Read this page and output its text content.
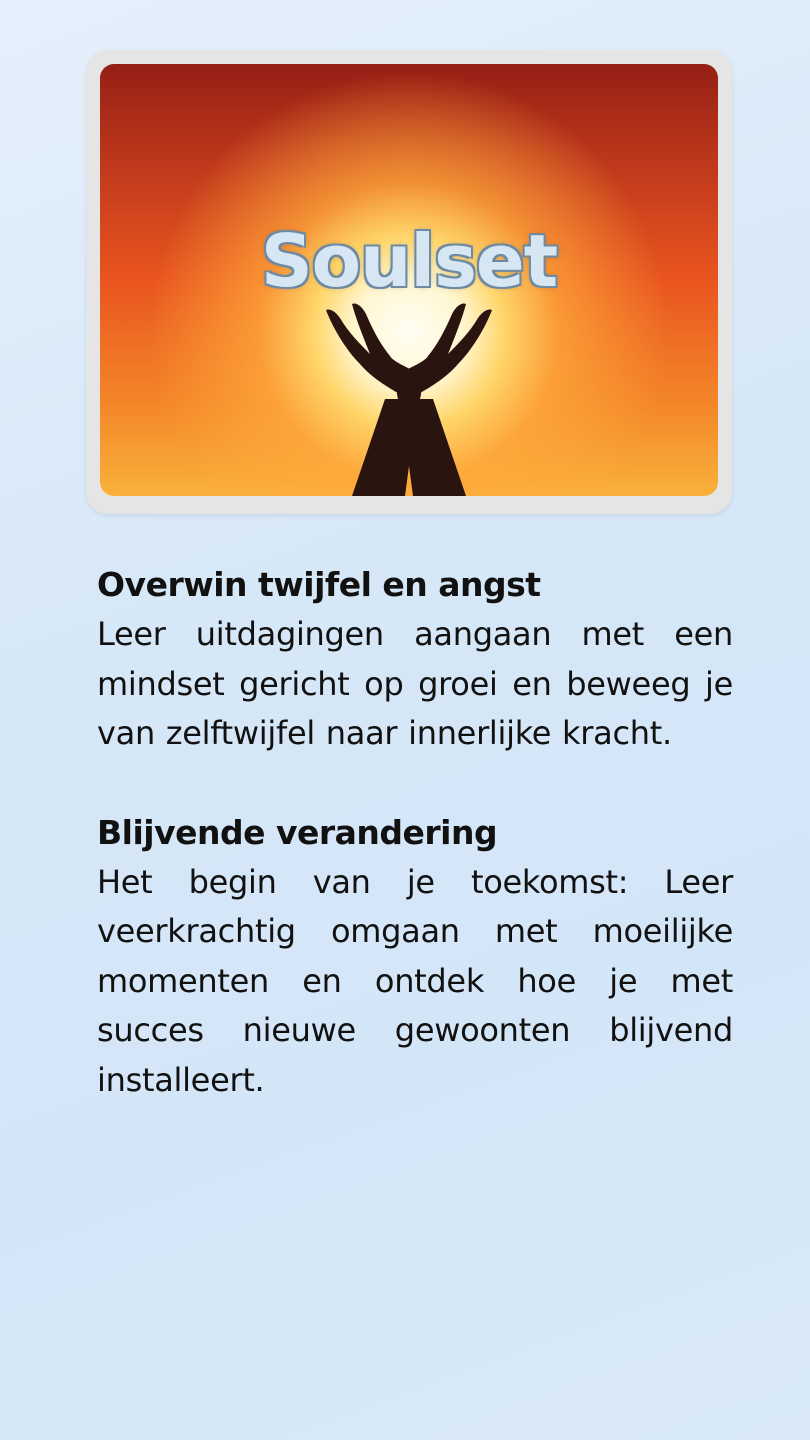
Soulset
Overwin twijfel en angst

Leer uitdagingen aangaan met een mindset gericht op groei en beweeg je van zelftwijfel naar innerlijke kracht.

Blijvende verandering

Het begin van je toekomst: Leer veerkrachtig omgaan met moeilijke momenten en ontdek hoe je met succes nieuwe gewoonten blijvend installeert.
